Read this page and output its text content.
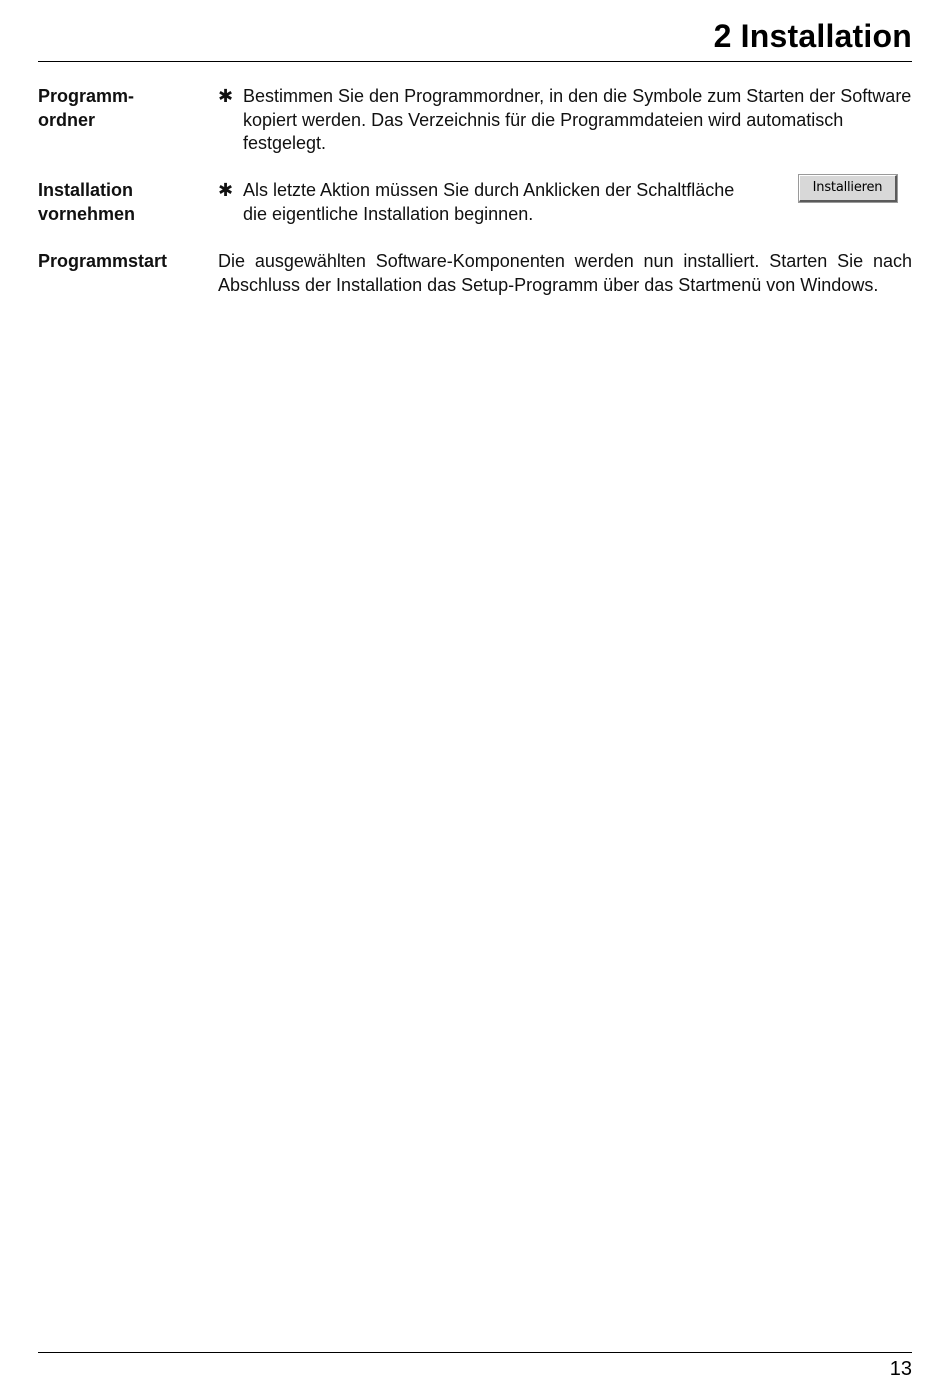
2 Installation
Programm-
ordner
✱ Bestimmen Sie den Programmordner, in den die Symbole zum Starten der Software kopiert werden. Das Verzeichnis für die Programmdateien wird automatisch festgelegt.
Installation
vornehmen
✱ Als letzte Aktion müssen Sie durch Anklicken der Schaltfläche
die eigentliche Installation beginnen.
Installieren
Programmstart	Die ausgewählten Software-Komponenten werden nun installiert. Starten Sie nach Abschluss der Installation das Setup-Programm über das Startmenü von Windows.
13
